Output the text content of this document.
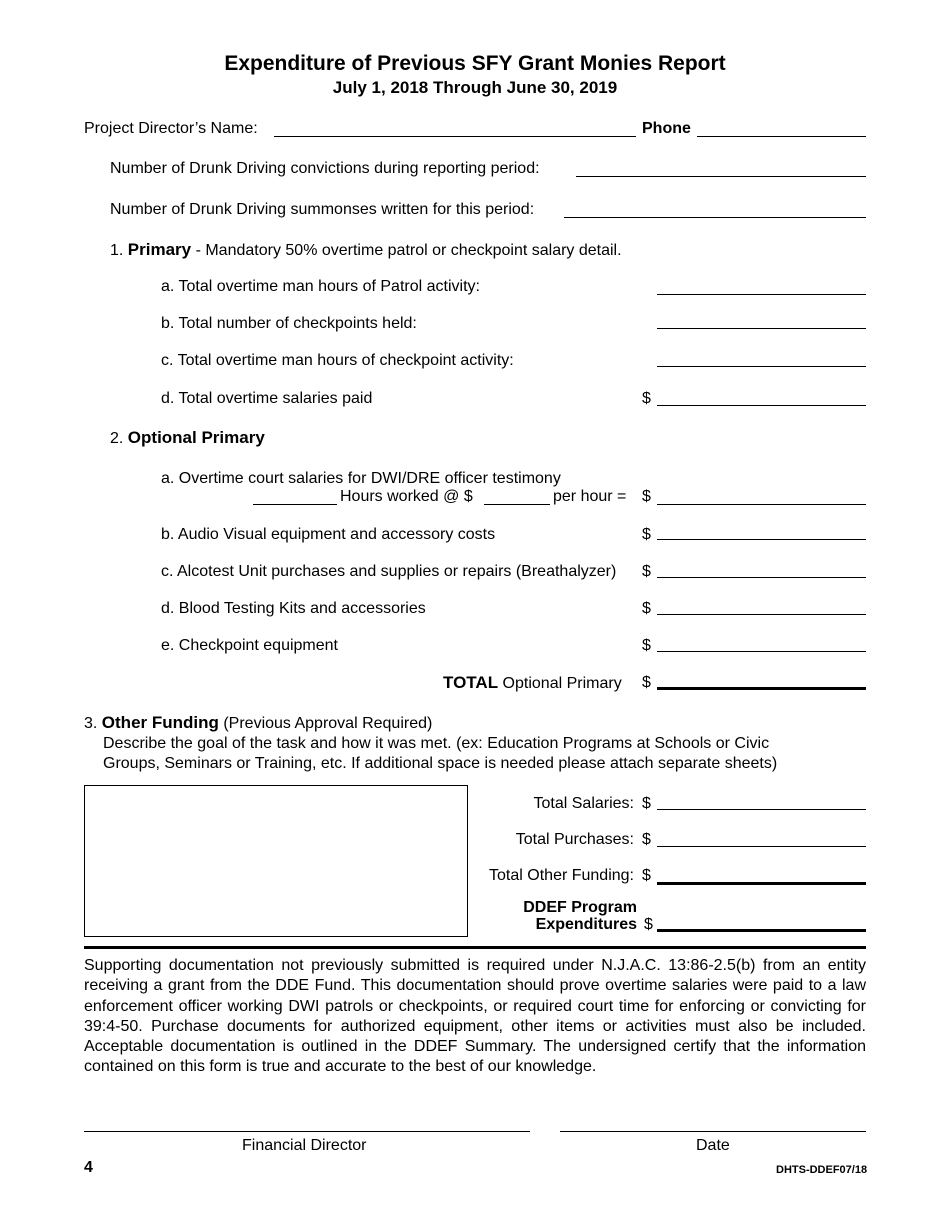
Expenditure of Previous SFY Grant Monies Report
July 1, 2018 Through June 30, 2019
Project Director’s Name:	Phone
Number of Drunk Driving convictions during reporting period:
Number of Drunk Driving summonses written for this period:
1. Primary - Mandatory 50% overtime patrol or checkpoint salary detail.
a. Total overtime man hours of Patrol activity:
b. Total number of checkpoints held:
c. Total overtime man hours of checkpoint activity:
d. Total overtime salaries paid	$
2. Optional Primary
a. Overtime court salaries for DWI/DRE officer testimony
Hours worked @ $	per hour = $
b. Audio Visual equipment and accessory costs	$
c. Alcotest Unit purchases and supplies or repairs (Breathalyzer) $
d. Blood Testing Kits and accessories	$
e. Checkpoint equipment	$
TOTAL Optional Primary $
3. Other Funding (Previous Approval Required)
Describe the goal of the task and how it was met. (ex: Education Programs at Schools or Civic
Groups, Seminars or Training, etc. If additional space is needed please attach separate sheets)
Total Salaries: $
Total Purchases: $
Total Other Funding: $
DDEF Program
Expenditures $
Supporting documentation not previously submitted is required under N.J.A.C. 13:86-2.5(b) from an entity receiving a grant from the DDE Fund. This documentation should prove overtime salaries were paid to a law enforcement officer working DWI patrols or checkpoints, or required court time for enforcing or convicting for 39:4-50. Purchase documents for authorized equipment, other items or activities must also be included. Acceptable documentation is outlined in the DDEF Summary. The undersigned certify that the information contained on this form is true and accurate to the best of our knowledge.
Financial Director	Date
4	DHTS-DDEF07/18
